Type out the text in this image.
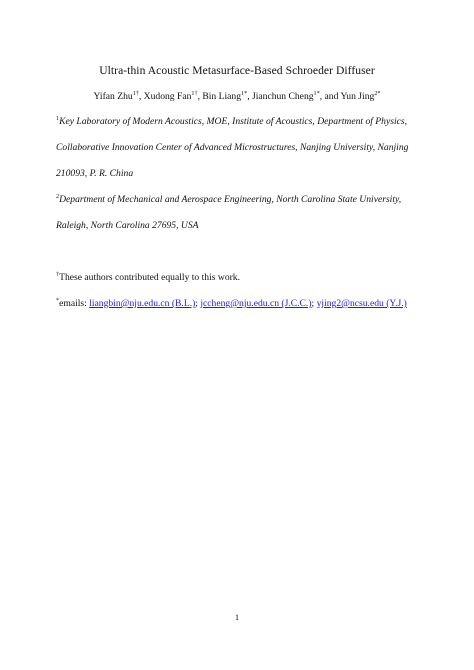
Ultra-thin Acoustic Metasurface-Based Schroeder Diffuser
Yifan Zhu$^{1\dagger}$, Xudong Fan$^{1\dagger}$, Bin Liang$^{1*}$, Jianchun Cheng$^{1*}$, and Yun Jing$^{2*}$
$^1$Key Laboratory of Modern Acoustics, MOE, Institute of Acoustics, Department of Physics,
Collaborative Innovation Center of Advanced Microstructures, Nanjing University, Nanjing
210093, P. R. China
$^2$Department of Mechanical and Aerospace Engineering, North Carolina State University,
Raleigh, North Carolina 27695, USA
†These authors contributed equally to this work.
*emails: liangbin@nju.edu.cn (B.L.); jccheng@nju.edu.cn (J.C.C.); yjing2@ncsu.edu (Y.J.)
1
